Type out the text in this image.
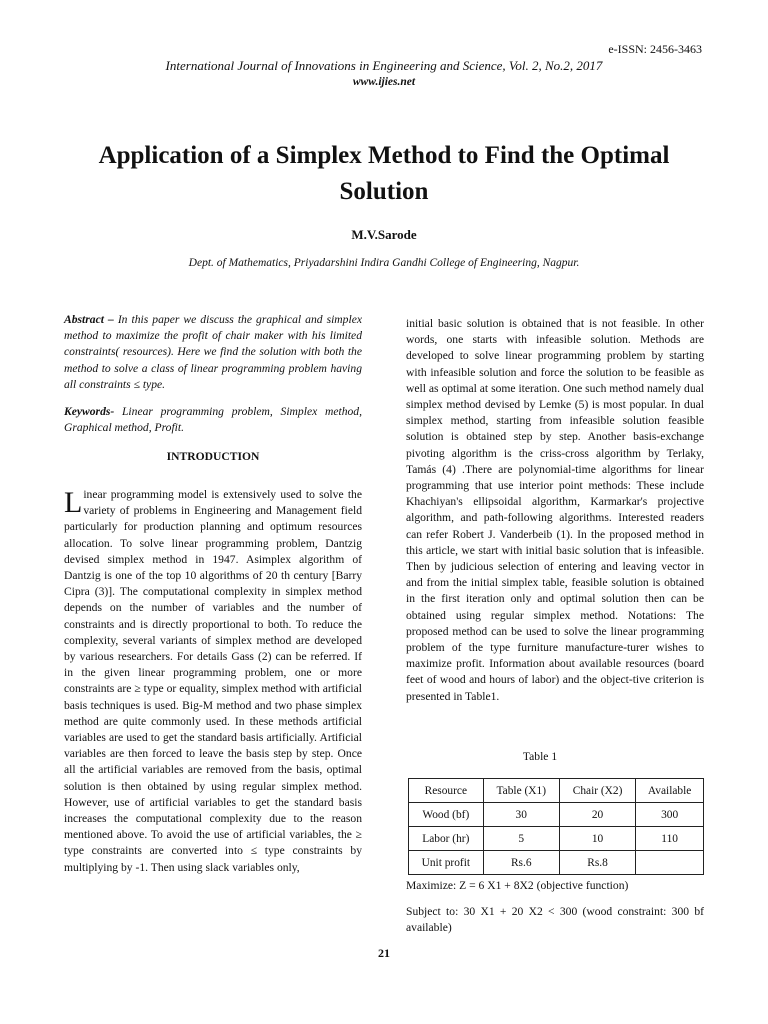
e-ISSN: 2456-3463
International Journal of Innovations in Engineering and Science, Vol. 2, No.2, 2017
www.ijies.net
Application of a Simplex Method to Find the Optimal Solution
M.V.Sarode
Dept. of Mathematics, Priyadarshini Indira Gandhi College of Engineering, Nagpur.
Abstract – In this paper we discuss the graphical and simplex method to maximize the profit of chair maker with his limited constraints( resources). Here we find the solution with both the method to solve a class of linear programming problem having all constraints ≤ type.
Keywords- Linear programming problem, Simplex method, Graphical method, Profit.
INTRODUCTION
Linear programming model is extensively used to solve the variety of problems in Engineering and Management field particularly for production planning and optimum resources allocation. To solve linear programming problem, Dantzig devised simplex method in 1947. Asimplex algorithm of Dantzig is one of the top 10 algorithms of 20 th century [Barry Cipra (3)]. The computational complexity in simplex method depends on the number of variables and the number of constraints and is directly proportional to both. To reduce the complexity, several variants of simplex method are developed by various researchers. For details Gass (2) can be referred. If in the given linear programming problem, one or more constraints are ≥ type or equality, simplex method with artificial basis techniques is used. Big-M method and two phase simplex method are quite commonly used. In these methods artificial variables are used to get the standard basis artificially. Artificial variables are then forced to leave the basis step by step. Once all the artificial variables are removed from the basis, optimal solution is then obtained by using regular simplex method. However, use of artificial variables to get the standard basis increases the computational complexity due to the reason mentioned above. To avoid the use of artificial variables, the ≥ type constraints are converted into ≤ type constraints by multiplying by -1. Then using slack variables only,
initial basic solution is obtained that is not feasible. In other words, one starts with infeasible solution. Methods are developed to solve linear programming problem by starting with infeasible solution and force the solution to be feasible as well as optimal at some iteration. One such method namely dual simplex method devised by Lemke (5) is most popular. In dual simplex method, starting from infeasible solution feasible solution is obtained step by step. Another basis-exchange pivoting algorithm is the criss-cross algorithm by Terlaky, Tamás (4) .There are polynomial-time algorithms for linear programming that use interior point methods: These include Khachiyan's ellipsoidal algorithm, Karmarkar's projective algorithm, and path-following algorithms. Interested readers can refer Robert J. Vanderbeib (1). In the proposed method in this article, we start with initial basic solution that is infeasible. Then by judicious selection of entering and leaving vector in and from the initial simplex table, feasible solution is obtained in the first iteration only and optimal solution then can be obtained using regular simplex method. Notations: The proposed method can be used to solve the linear programming problem of the type furniture manufacture-turer wishes to maximize profit. Information about available resources (board feet of wood and hours of labor) and the object-tive criterion is presented in Table1.
Table 1
Resource	Table (X1)	Chair (X2)	Available
Wood (bf)	30	20	300
Labor (hr)	5	10	110
Unit profit	Rs.6	Rs.8	
Maximize: Z = 6 X1 + 8X2 (objective function)
Subject to: 30 X1 + 20 X2 < 300 (wood constraint: 300 bf available)
21
